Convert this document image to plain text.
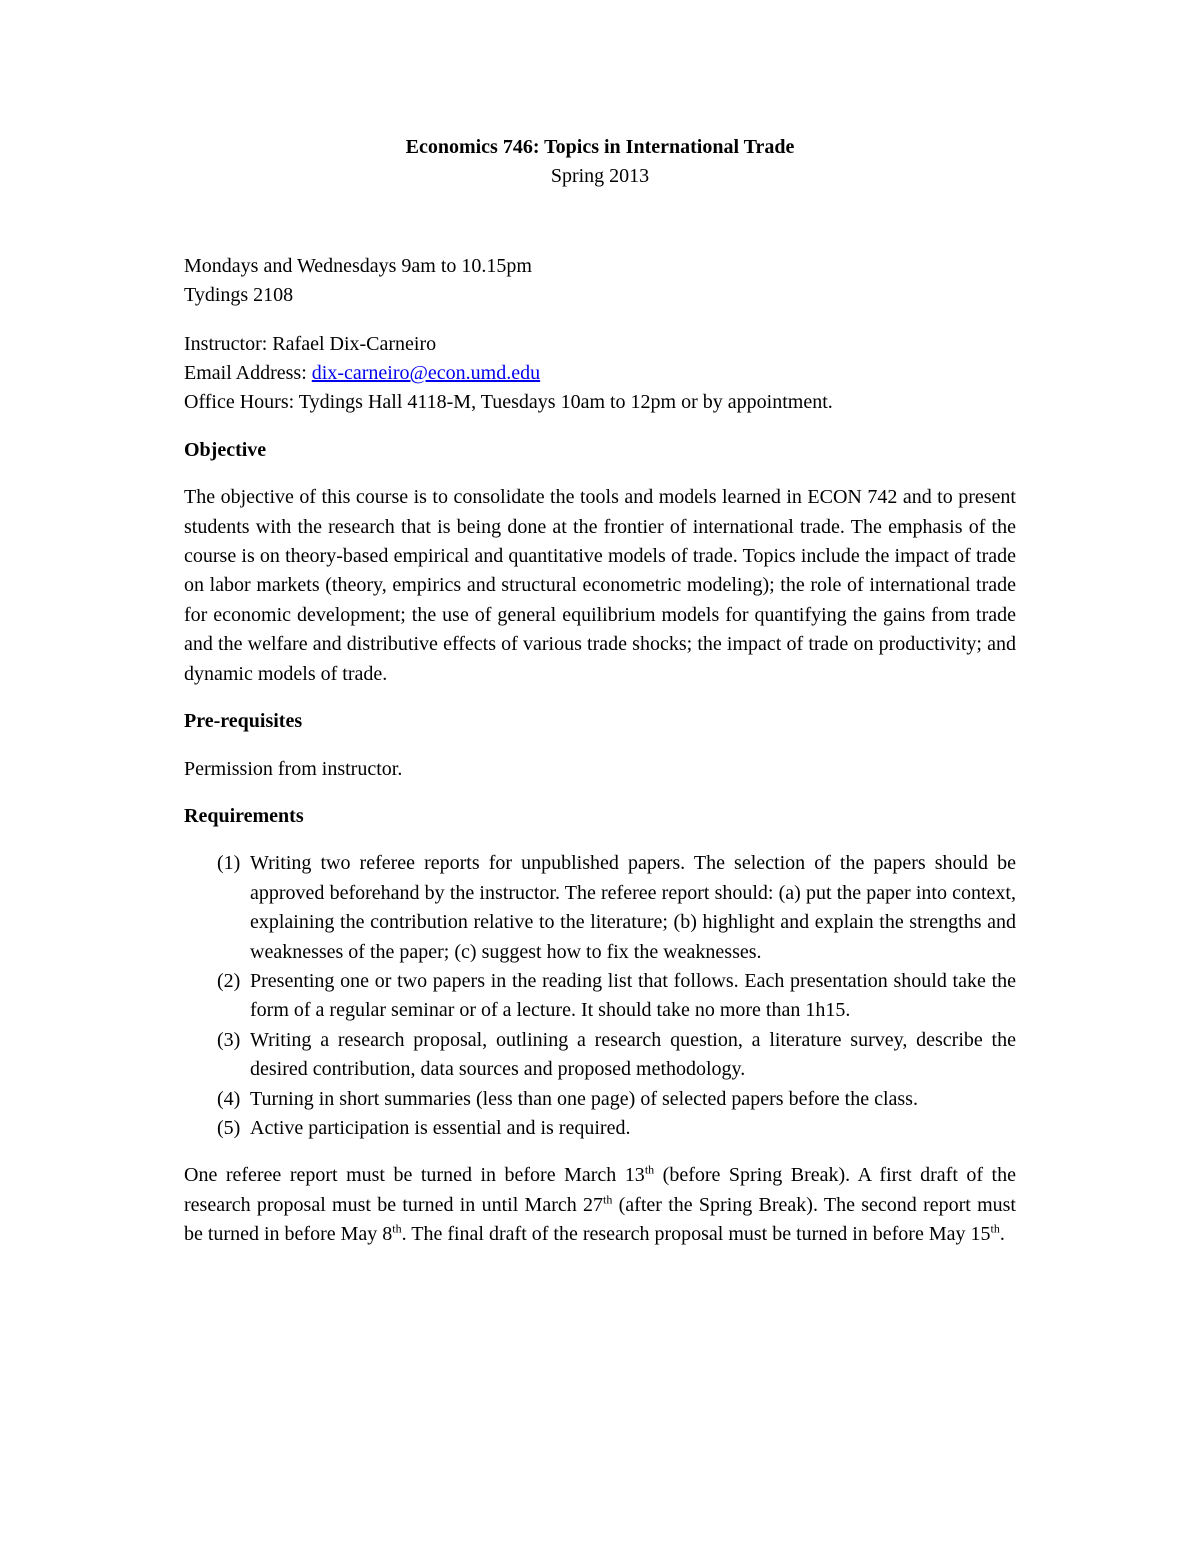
Economics 746: Topics in International Trade

Spring 2013

Mondays and Wednesdays 9am to 10.15pm

Tydings 2108

Instructor: Rafael Dix-Carneiro

Email Address: dix-carneiro@econ.umd.edu

Office Hours: Tydings Hall 4118-M, Tuesdays 10am to 12pm or by appointment.

Objective

The objective of this course is to consolidate the tools and models learned in ECON 742 and to present students with the research that is being done at the frontier of international trade. The emphasis of the course is on theory-based empirical and quantitative models of trade. Topics include the impact of trade on labor markets (theory, empirics and structural econometric modeling); the role of international trade for economic development; the use of general equilibrium models for quantifying the gains from trade and the welfare and distributive effects of various trade shocks; the impact of trade on productivity; and dynamic models of trade.

Pre-requisites

Permission from instructor.

Requirements

(1) Writing two referee reports for unpublished papers. The selection of the papers should be approved beforehand by the instructor. The referee report should: (a) put the paper into context, explaining the contribution relative to the literature; (b) highlight and explain the strengths and weaknesses of the paper; (c) suggest how to fix the weaknesses.
(2) Presenting one or two papers in the reading list that follows. Each presentation should take the form of a regular seminar or of a lecture. It should take no more than 1h15.
(3) Writing a research proposal, outlining a research question, a literature survey, describe the desired contribution, data sources and proposed methodology.
(4) Turning in short summaries (less than one page) of selected papers before the class.
(5) Active participation is essential and is required.

One referee report must be turned in before March 13th (before Spring Break). A first draft of the research proposal must be turned in until March 27th (after the Spring Break). The second report must be turned in before May 8th. The final draft of the research proposal must be turned in before May 15th.
